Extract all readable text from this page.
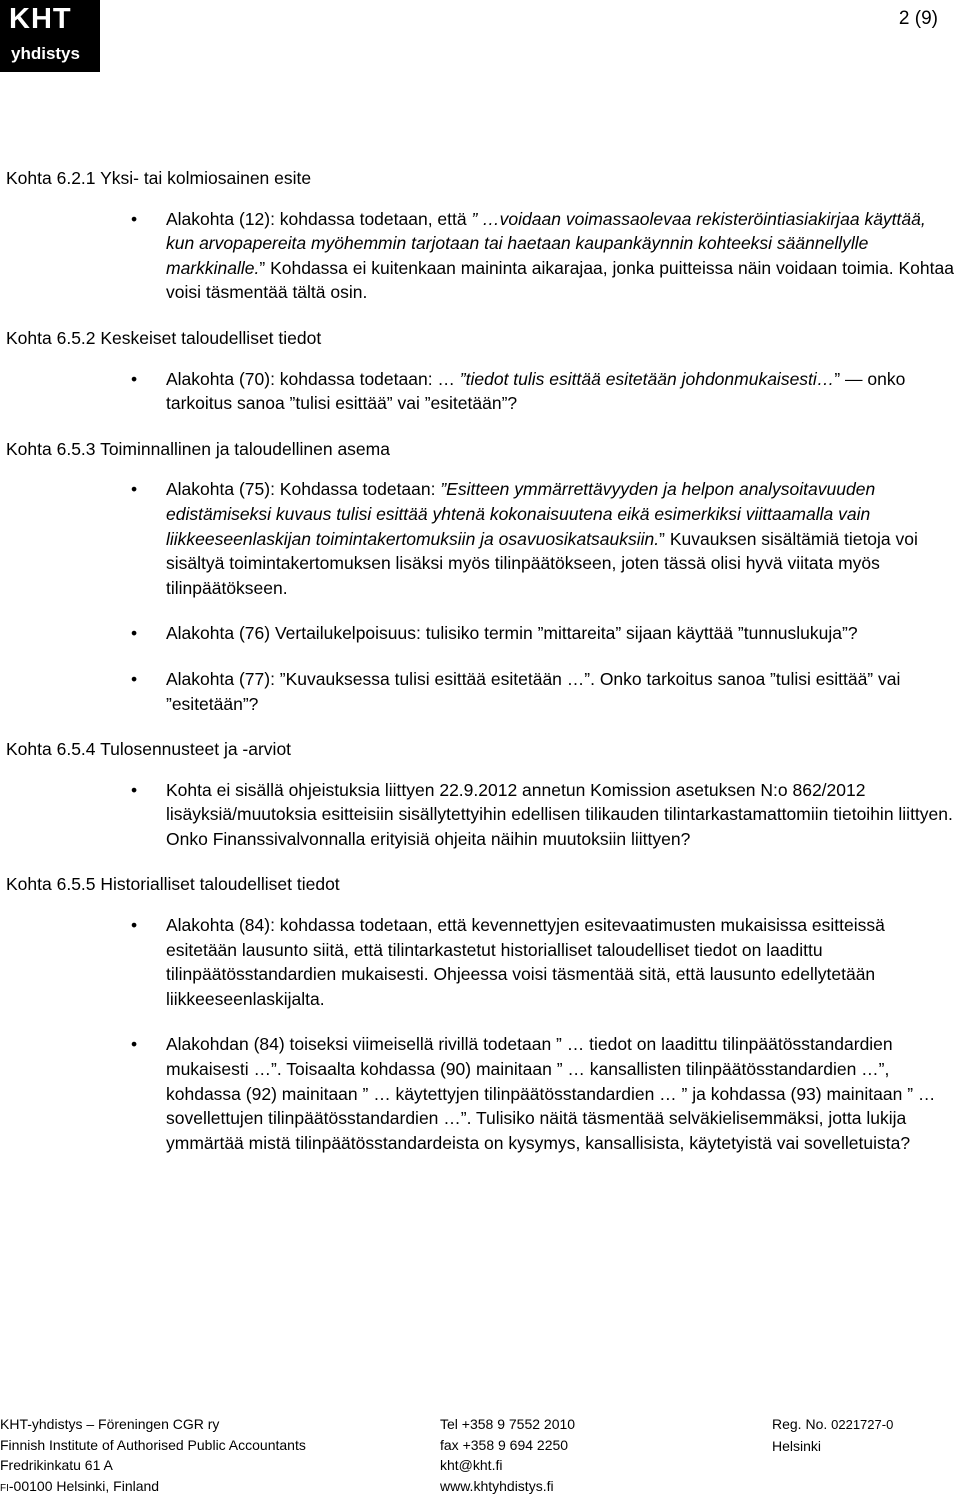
KHT
yhdistys
2 (9)
Kohta 6.2.1 Yksi- tai kolmiosainen esite
• Alakohta (12): kohdassa todetaan, että ” …voidaan voimassaolevaa rekisteröintiasiakirjaa käyttää, kun arvopapereita myöhemmin tarjotaan tai haetaan kaupankäynnin kohteeksi säännellylle markkinalle.” Kohdassa ei kuitenkaan maininta aikarajaa, jonka puitteissa näin voidaan toimia. Kohtaa voisi täsmentää tältä osin.
Kohta 6.5.2 Keskeiset taloudelliset tiedot
• Alakohta (70): kohdassa todetaan: … ”tiedot tulis esittää esitetään johdonmukaisesti…” — onko tarkoitus sanoa ”tulisi esittää” vai ”esitetään”?
Kohta 6.5.3 Toiminnallinen ja taloudellinen asema
• Alakohta (75): Kohdassa todetaan: ”Esitteen ymmärrettävyyden ja helpon analysoitavuuden edistämiseksi kuvaus tulisi esittää yhtenä kokonaisuutena eikä esimerkiksi viittaamalla vain liikkeeseenlaskijan toimintakertomuksiin ja osavuosikatsauksiin.” Kuvauksen sisältämiä tietoja voi sisältyä toimintakertomuksen lisäksi myös tilinpäätökseen, joten tässä olisi hyvä viitata myös tilinpäätökseen.
• Alakohta (76) Vertailukelpoisuus: tulisiko termin ”mittareita” sijaan käyttää ”tunnuslukuja”?
• Alakohta (77): ”Kuvauksessa tulisi esittää esitetään …”. Onko tarkoitus sanoa ”tulisi esittää” vai ”esitetään”?
Kohta 6.5.4 Tulosennusteet ja -arviot
• Kohta ei sisällä ohjeistuksia liittyen 22.9.2012 annetun Komission asetuksen N:o 862/2012 lisäyksiä/muutoksia esitteisiin sisällytettyihin edellisen tilikauden tilintarkastamattomiin tietoihin liittyen. Onko Finanssivalvonnalla erityisiä ohjeita näihin muutoksiin liittyen?
Kohta 6.5.5 Historialliset taloudelliset tiedot
• Alakohta (84): kohdassa todetaan, että kevennettyjen esitevaatimusten mukaisissa esitteissä esitetään lausunto siitä, että tilintarkastetut historialliset taloudelliset tiedot on laadittu tilinpäätösstandardien mukaisesti. Ohjeessa voisi täsmentää sitä, että lausunto edellytetään liikkeeseenlaskijalta.
• Alakohdan (84) toiseksi viimeisellä rivillä todetaan ” … tiedot on laadittu tilinpäätösstandardien mukaisesti …”. Toisaalta kohdassa (90) mainitaan ” … kansallisten tilinpäätösstandardien …”, kohdassa (92) mainitaan ” … käytettyjen tilinpäätösstandardien … ” ja kohdassa (93) mainitaan ” … sovellettujen tilinpäätösstandardien …”. Tulisiko näitä täsmentää selväkielisemmäksi, jotta lukija ymmärtää mistä tilinpäätösstandardeista on kysymys, kansallisista, käytetyistä vai sovelletuista?
KHT-yhdistys – Föreningen CGR ry
Finnish Institute of Authorised Public Accountants
Fredrikinkatu 61 A
FI-00100 Helsinki, Finland
Tel +358 9 7552 2010
fax +358 9 694 2250
kht@kht.fi
www.khtyhdistys.fi
Reg. No. 0221727-0
Helsinki
